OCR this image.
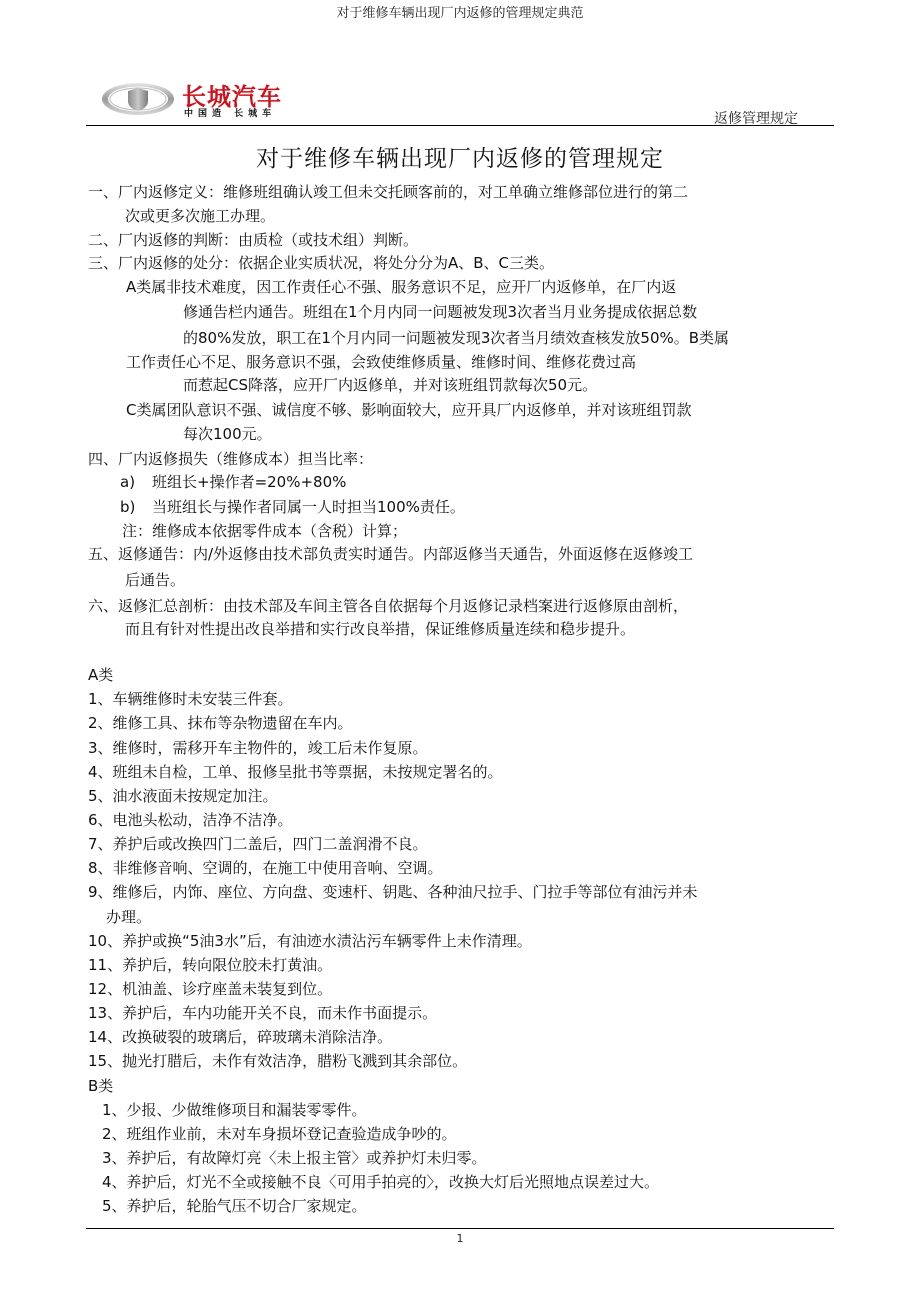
对于维修车辆出现厂内返修的管理规定典范
长城汽车
中国造 长城车	返修管理规定
对于维修车辆出现厂内返修的管理规定
一、厂内返修定义：维修班组确认竣工但未交托顾客前的，对工单确立维修部位进行的第二
次或更多次施工办理。
二、厂内返修的判断：由质检（或技术组）判断。
三、厂内返修的处分：依据企业实质状况，将处分分为A、B、C三类。
A类属非技术难度，因工作责任心不强、服务意识不足，应开厂内返修单，在厂内返
修通告栏内通告。班组在1个月内同一问题被发现3次者当月业务提成依据总数
的80%发放，职工在1个月内同一问题被发现3次者当月绩效查核发放50%。B类属
工作责任心不足、服务意识不强，会致使维修质量、维修时间、维修花费过高
而惹起CS降落，应开厂内返修单，并对该班组罚款每次50元。
C类属团队意识不强、诚信度不够、影响面较大，应开具厂内返修单，并对该班组罚款
每次100元。
四、厂内返修损失（维修成本）担当比率：
a) 班组长+操作者=20%+80%
b) 当班组长与操作者同属一人时担当100%责任。
注：维修成本依据零件成本（含税）计算；
五、返修通告：内/外返修由技术部负责实时通告。内部返修当天通告，外面返修在返修竣工
后通告。
六、返修汇总剖析：由技术部及车间主管各自依据每个月返修记录档案进行返修原由剖析，
而且有针对性提出改良举措和实行改良举措，保证维修质量连续和稳步提升。
A类
1、车辆维修时未安装三件套。
2、维修工具、抹布等杂物遗留在车内。
3、维修时，需移开车主物件的，竣工后未作复原。
4、班组未自检，工单、报修呈批书等票据，未按规定署名的。
5、油水液面未按规定加注。
6、电池头松动，洁净不洁净。
7、养护后或改换四门二盖后，四门二盖润滑不良。
8、非维修音响、空调的，在施工中使用音响、空调。
9、维修后，内饰、座位、方向盘、变速杆、钥匙、各种油尺拉手、门拉手等部位有油污并未
办理。
10、养护或换“5油3水”后，有油迹水渍沾污车辆零件上未作清理。
11、养护后，转向限位胶未打黄油。
12、机油盖、诊疗座盖未装复到位。
13、养护后，车内功能开关不良，而未作书面提示。
14、改换破裂的玻璃后，碎玻璃未消除洁净。
15、抛光打腊后，未作有效洁净，腊粉飞溅到其余部位。
B类
1、少报、少做维修项目和漏装零零件。
2、班组作业前，未对车身损坏登记查验造成争吵的。
3、养护后，有故障灯亮〈未上报主管〉或养护灯未归零。
4、养护后，灯光不全或接触不良〈可用手拍亮的〉，改换大灯后光照地点误差过大。
5、养护后，轮胎气压不切合厂家规定。
1
